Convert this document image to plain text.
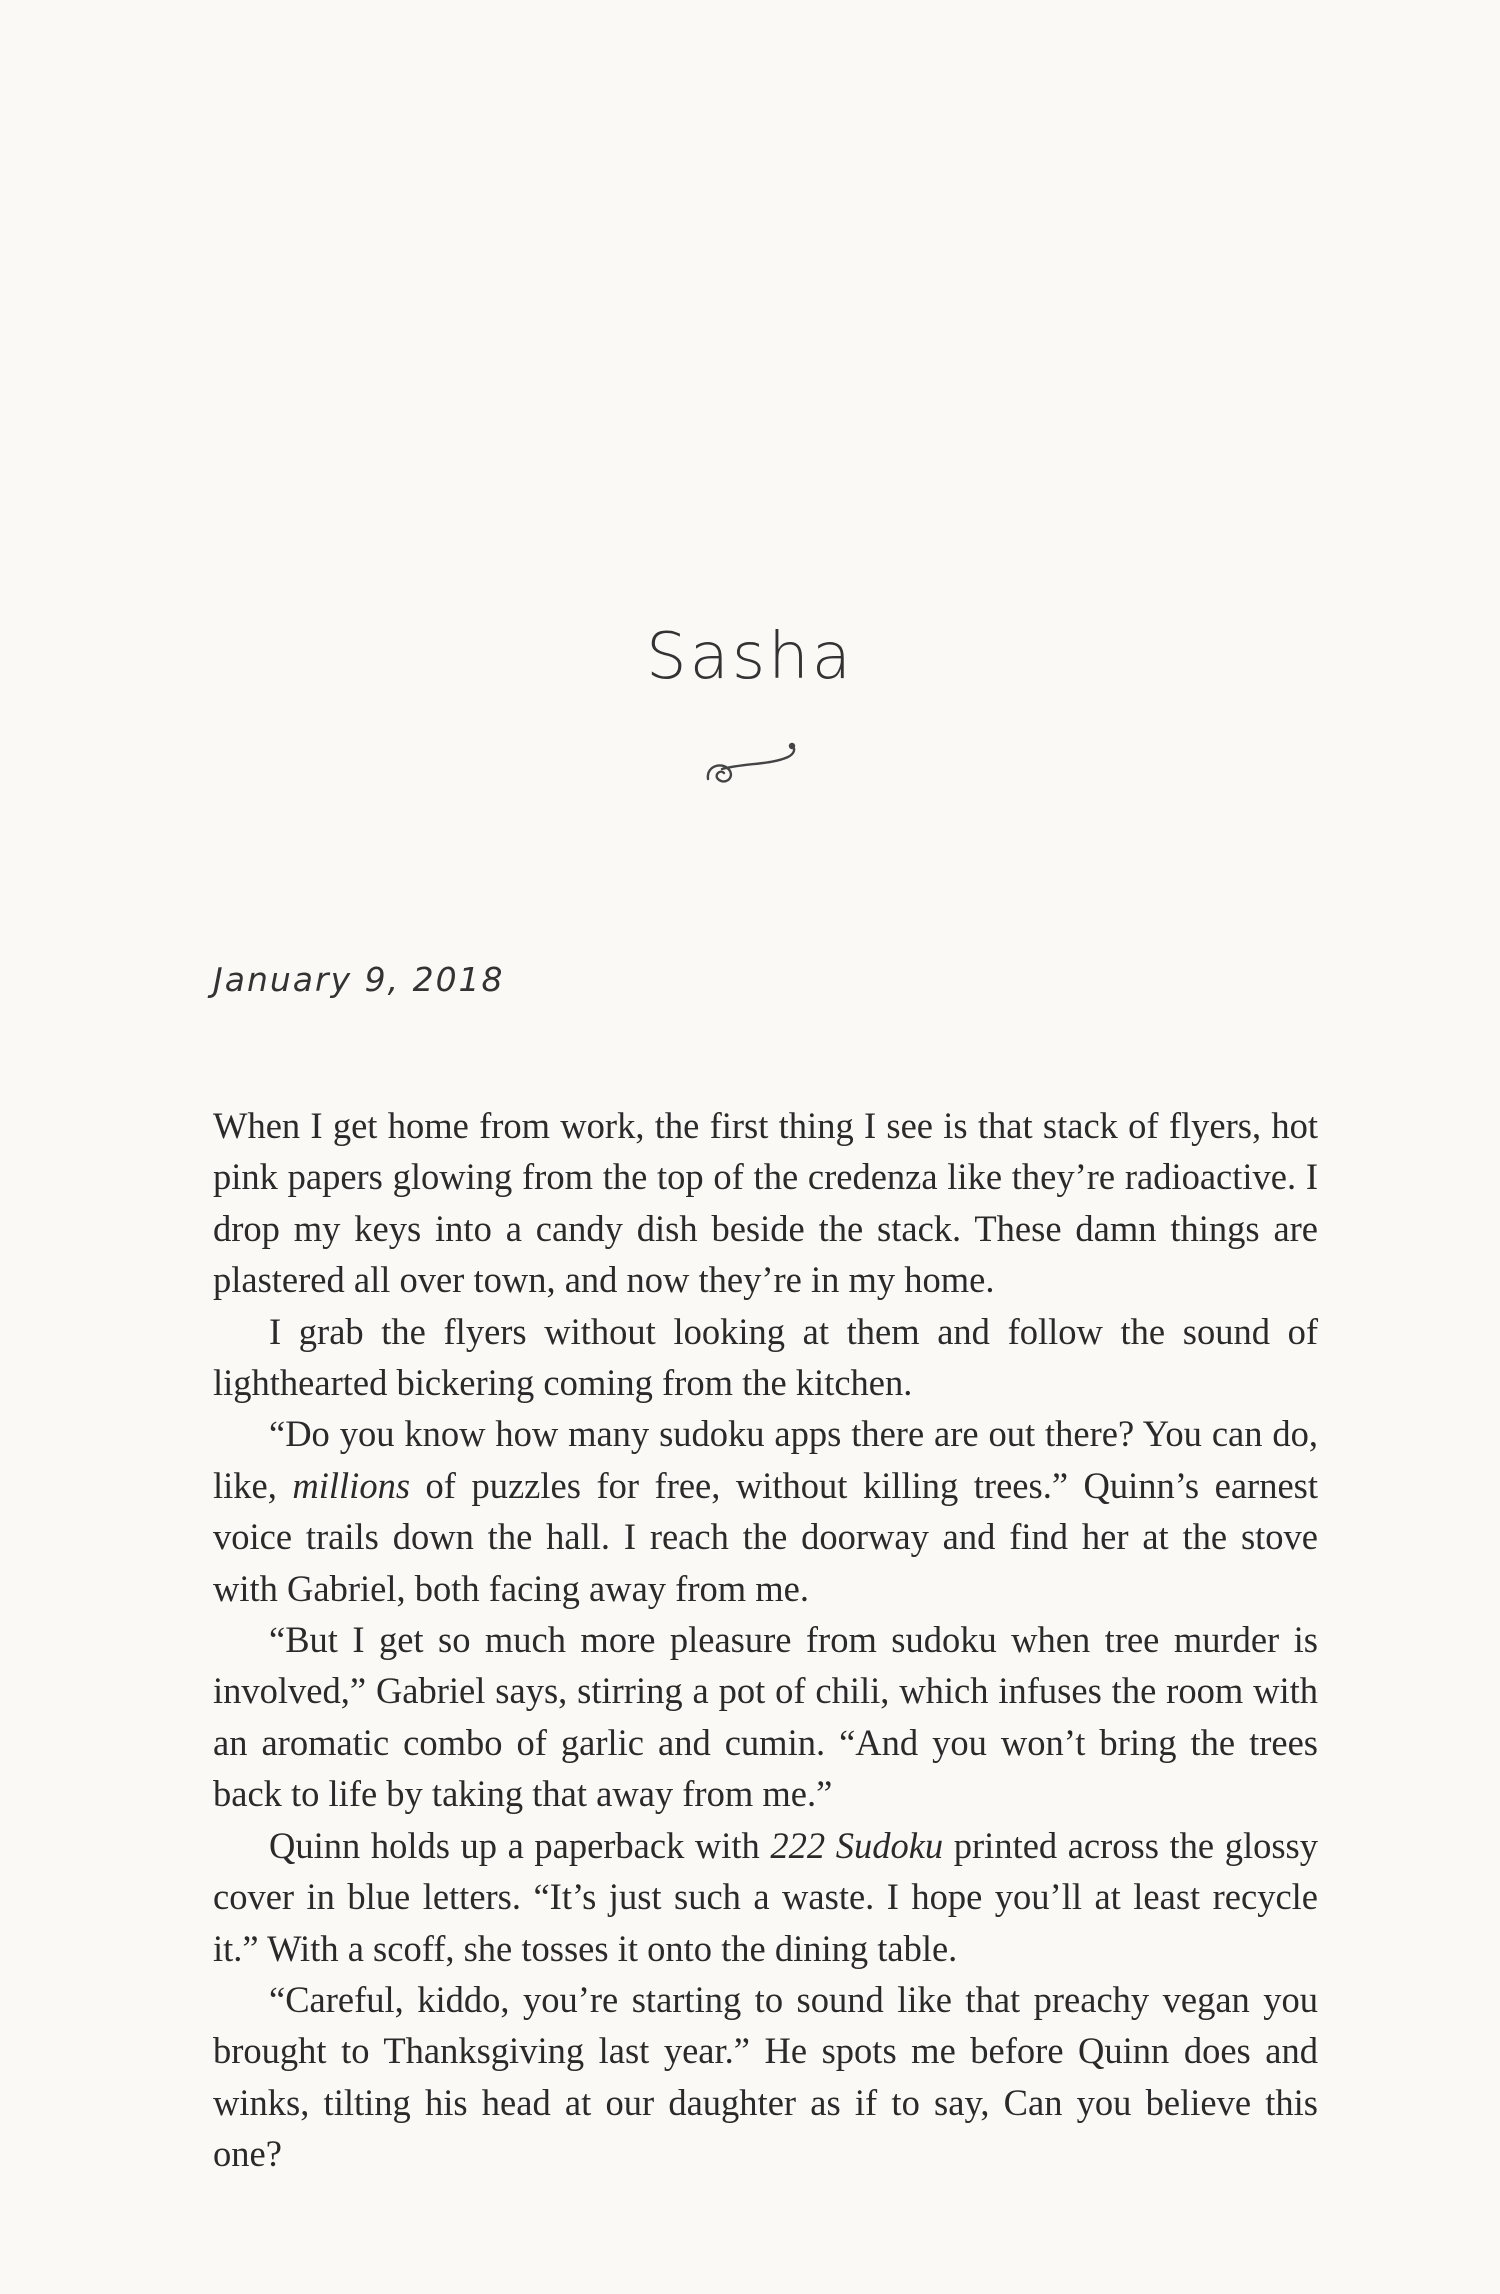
Sasha

January 9, 2018

When I get home from work, the first thing I see is that stack of flyers, hot pink papers glowing from the top of the credenza like they’re radioactive. I drop my keys into a candy dish beside the stack. These damn things are plastered all over town, and now they’re in my home.

I grab the flyers without looking at them and follow the sound of lighthearted bickering coming from the kitchen.

“Do you know how many sudoku apps there are out there? You can do, like, millions of puzzles for free, without killing trees.” Quinn’s earnest voice trails down the hall. I reach the doorway and find her at the stove with Gabriel, both facing away from me.

“But I get so much more pleasure from sudoku when tree murder is involved,” Gabriel says, stirring a pot of chili, which infuses the room with an aromatic combo of garlic and cumin. “And you won’t bring the trees back to life by taking that away from me.”

Quinn holds up a paperback with 222 Sudoku printed across the glossy cover in blue letters. “It’s just such a waste. I hope you’ll at least recycle it.” With a scoff, she tosses it onto the dining table.

“Careful, kiddo, you’re starting to sound like that preachy vegan you brought to Thanksgiving last year.” He spots me before Quinn does and winks, tilting his head at our daughter as if to say, Can you believe this one?
